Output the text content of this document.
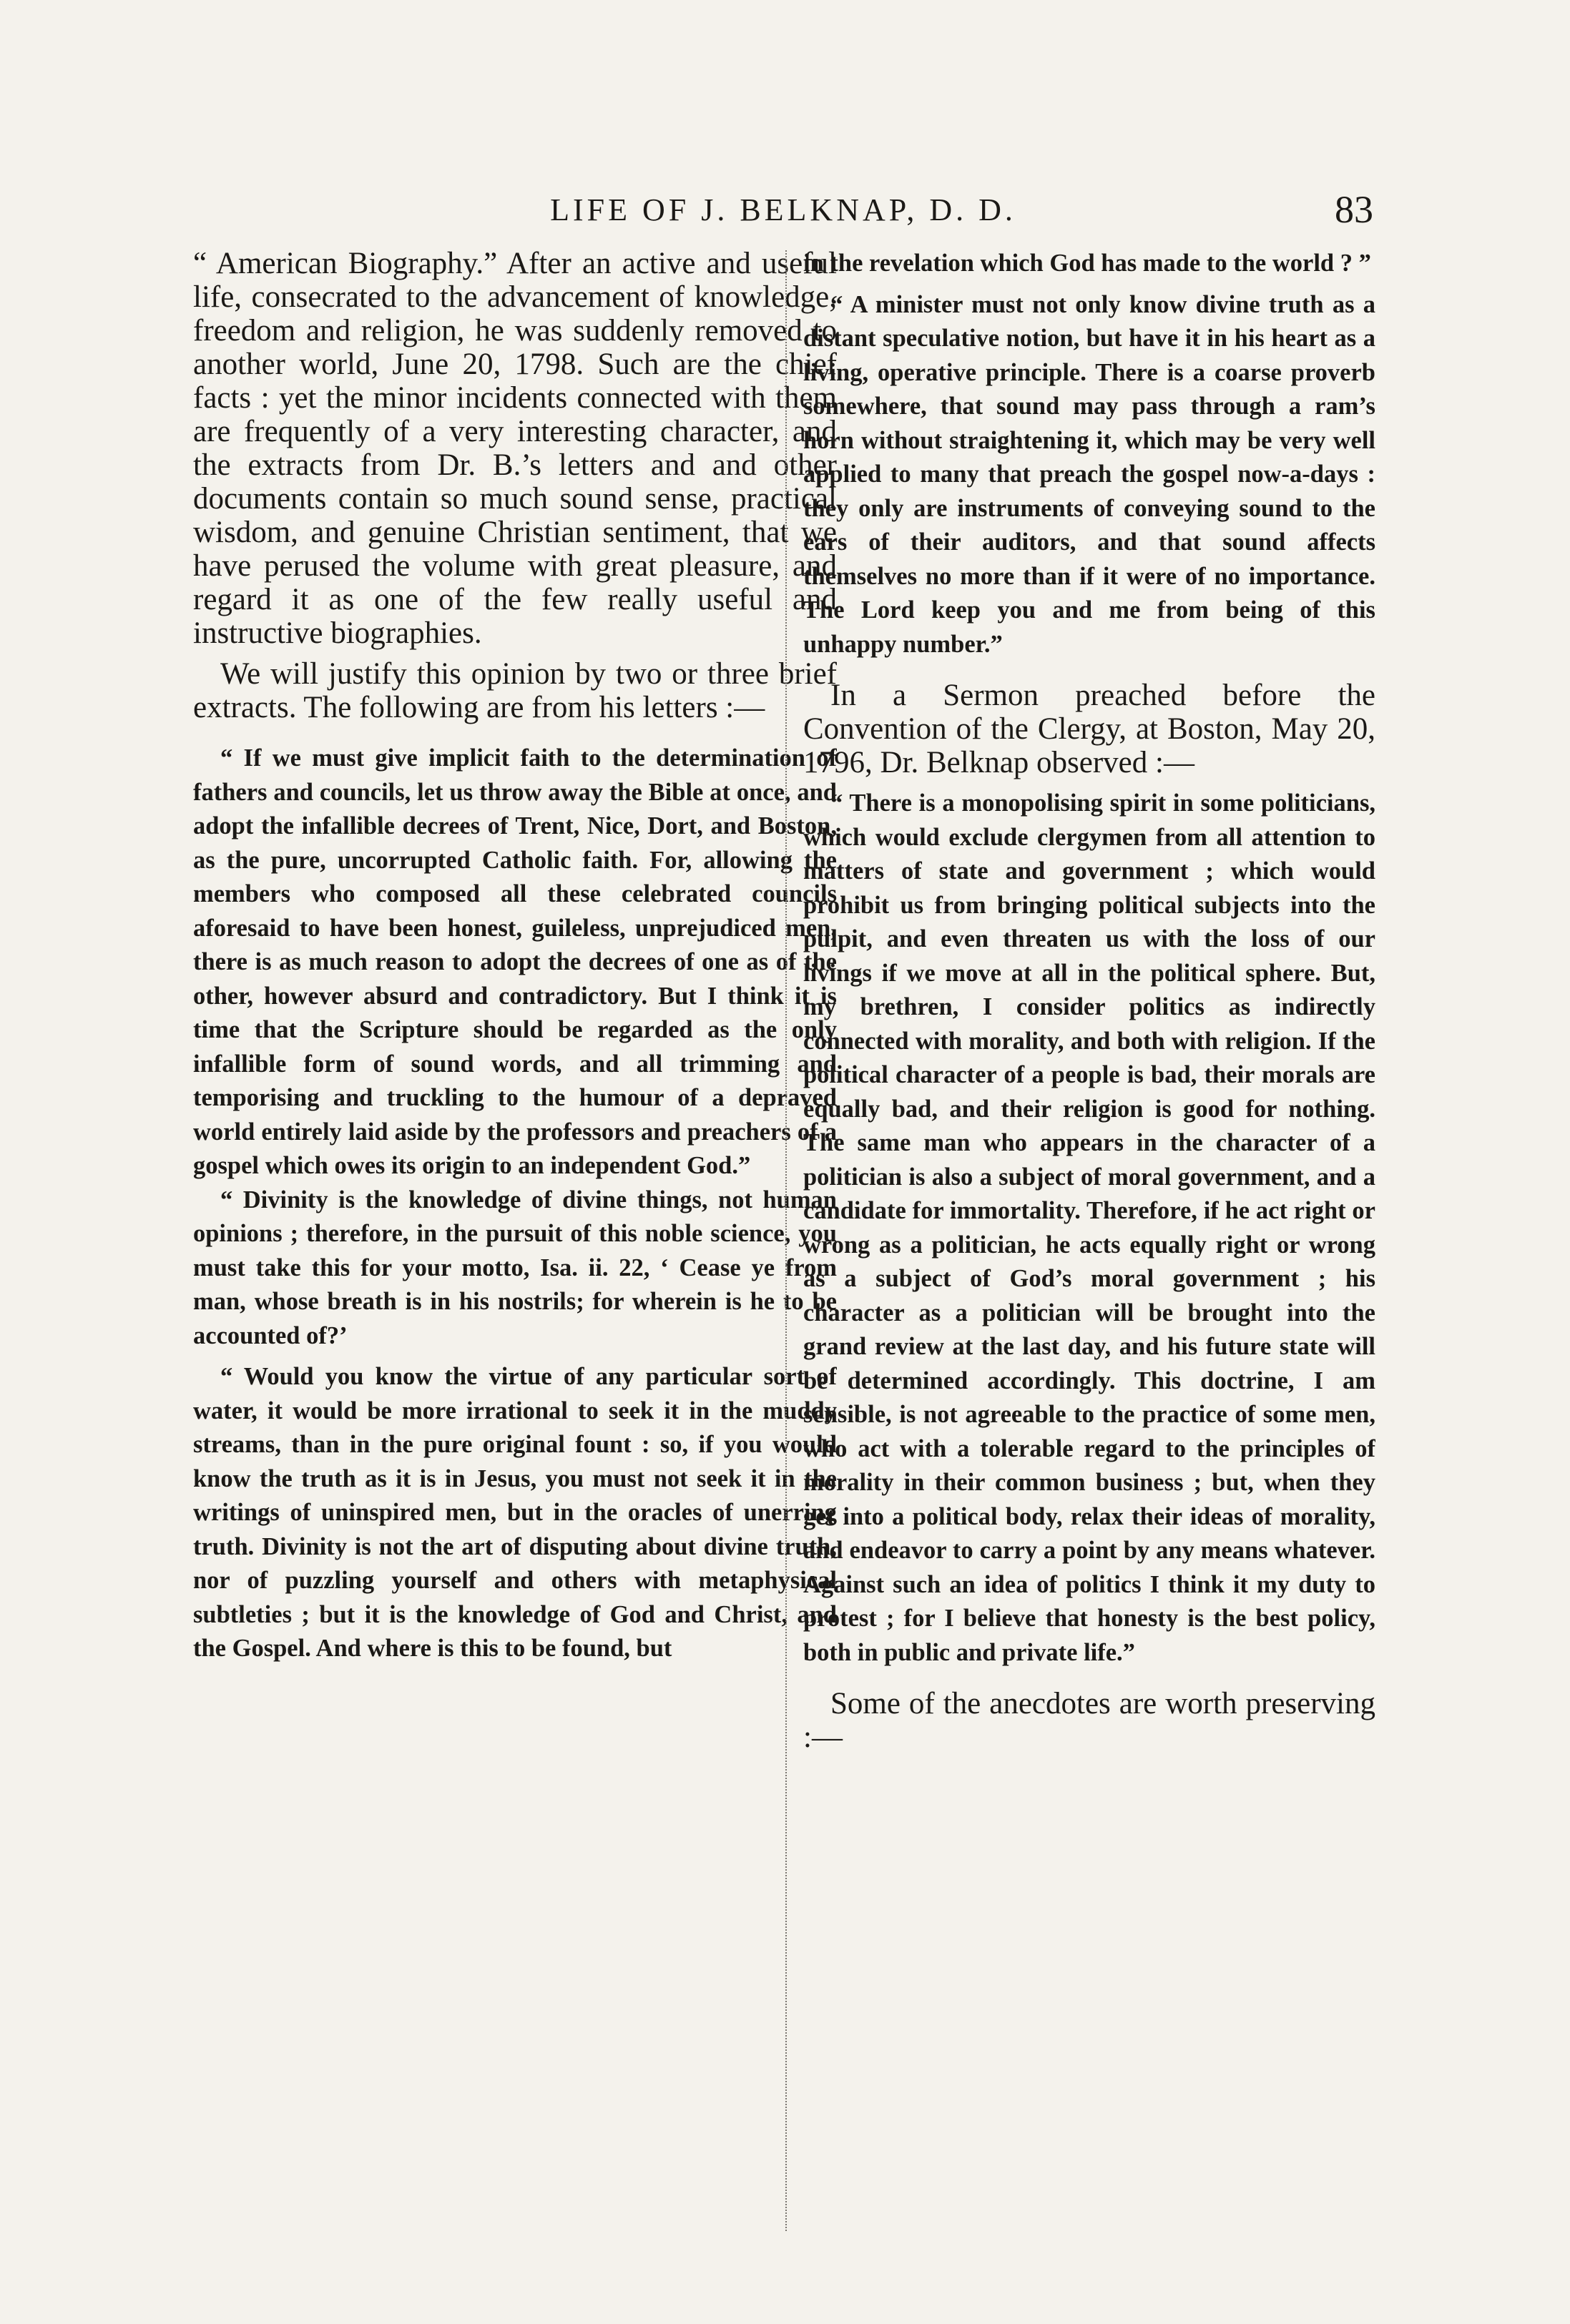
LIFE OF J. BELKNAP, D. D.	83

“ American Biography.” After an active and useful life, consecrated to the advancement of knowledge, freedom and religion, he was suddenly removed to another world, June 20, 1798. Such are the chief facts : yet the minor incidents connected with them are frequently of a very interesting character, and the extracts from Dr. B.’s letters and and other documents contain so much sound sense, practical wisdom, and genuine Christian sentiment, that we have perused the volume with great pleasure, and regard it as one of the few really useful and instructive biographies.

We will justify this opinion by two or three brief extracts. The following are from his letters :—

“ If we must give implicit faith to the determination of fathers and councils, let us throw away the Bible at once, and adopt the infallible decrees of Trent, Nice, Dort, and Boston, as the pure, uncorrupted Catholic faith. For, allowing the members who composed all these celebrated councils aforesaid to have been honest, guileless, unprejudiced men, there is as much reason to adopt the decrees of one as of the other, however absurd and contradictory. But I think it is time that the Scripture should be regarded as the only infallible form of sound words, and all trimming and temporising and truckling to the humour of a depraved world entirely laid aside by the professors and preachers of a gospel which owes its origin to an independent God.”

“ Divinity is the knowledge of divine things, not human opinions ; therefore, in the pursuit of this noble science, you must take this for your motto, Isa. ii. 22, ‘ Cease ye from man, whose breath is in his nostrils; for wherein is he to be accounted of?’

“ Would you know the virtue of any particular sort of water, it would be more irrational to seek it in the muddy streams, than in the pure original fount : so, if you would know the truth as it is in Jesus, you must not seek it in the writings of uninspired men, but in the oracles of unerring truth. Divinity is not the art of disputing about divine truth, nor of puzzling yourself and others with metaphysical subtleties ; but it is the knowledge of God and Christ, and the Gospel. And where is this to be found, but

in the revelation which God has made to the world ? ”

“ A minister must not only know divine truth as a distant speculative notion, but have it in his heart as a living, operative principle. There is a coarse proverb somewhere, that sound may pass through a ram’s horn without straightening it, which may be very well applied to many that preach the gospel now-a-days : they only are instruments of conveying sound to the ears of their auditors, and that sound affects themselves no more than if it were of no importance. The Lord keep you and me from being of this unhappy number.”

In a Sermon preached before the Convention of the Clergy, at Boston, May 20, 1796, Dr. Belknap observed :—

“ There is a monopolising spirit in some politicians, which would exclude clergymen from all attention to matters of state and government ; which would prohibit us from bringing political subjects into the pulpit, and even threaten us with the loss of our livings if we move at all in the political sphere. But, my brethren, I consider politics as indirectly connected with morality, and both with religion. If the political character of a people is bad, their morals are equally bad, and their religion is good for nothing. The same man who appears in the character of a politician is also a subject of moral government, and a candidate for immortality. Therefore, if he act right or wrong as a politician, he acts equally right or wrong as a subject of God’s moral government ; his character as a politician will be brought into the grand review at the last day, and his future state will be determined accordingly. This doctrine, I am sensible, is not agreeable to the practice of some men, who act with a tolerable regard to the principles of morality in their common business ; but, when they get into a political body, relax their ideas of morality, and endeavor to carry a point by any means whatever. Against such an idea of politics I think it my duty to protest ; for I believe that honesty is the best policy, both in public and private life.”

Some of the anecdotes are worth preserving :—
